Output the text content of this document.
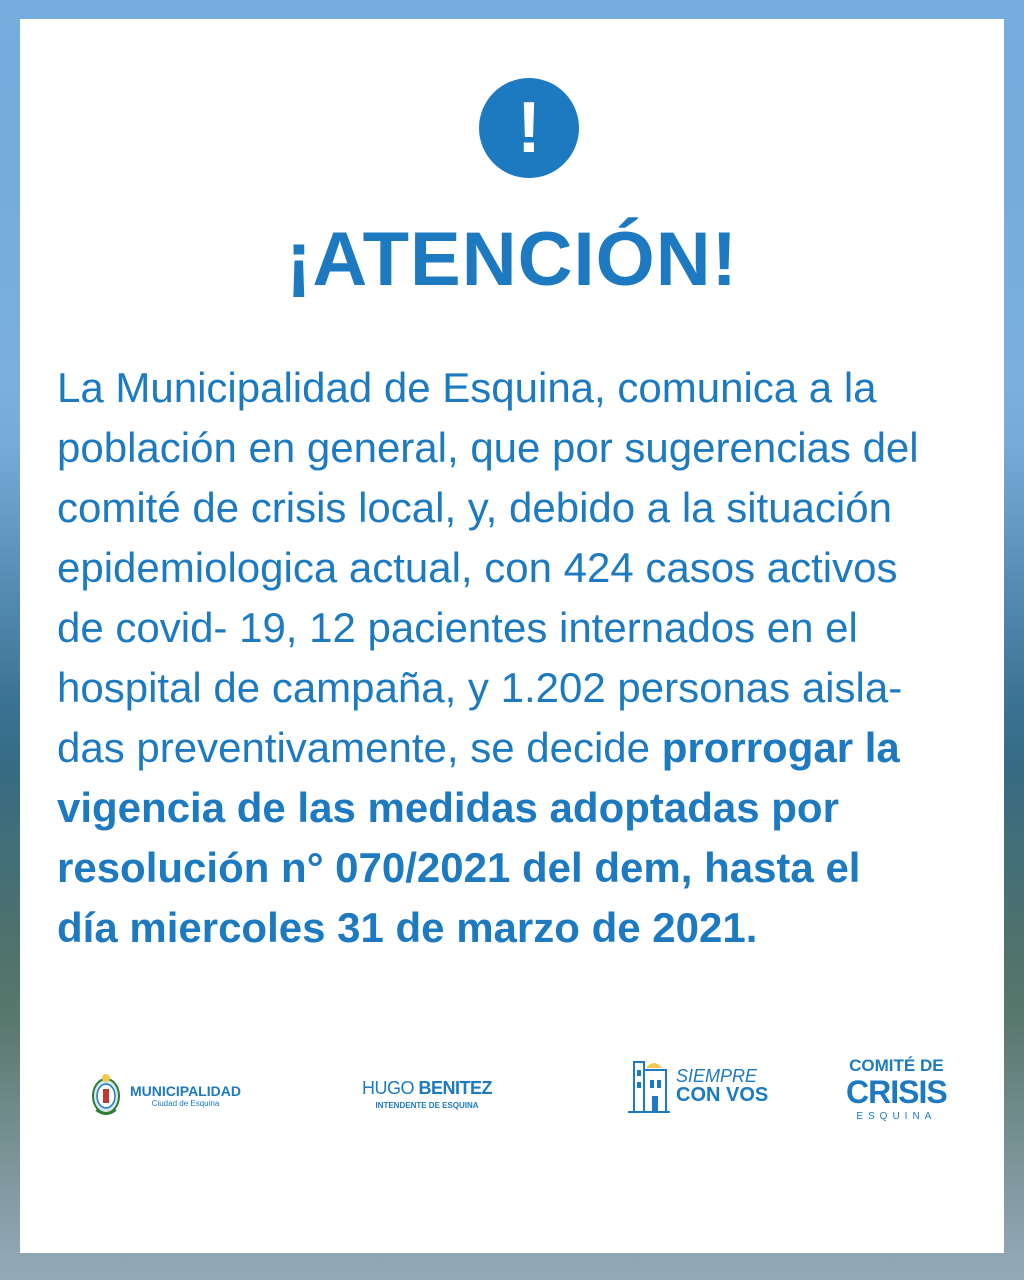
!
¡ATENCIÓN!
La Municipalidad de Esquina, comunica a la
población en general, que por sugerencias del
comité de crisis local, y, debido a la situación
epidemiologica actual, con 424 casos activos
de covid- 19, 12 pacientes internados en el
hospital de campaña, y 1.202 personas aisla-
das preventivamente, se decide prorrogar la
vigencia de las medidas adoptadas por
resolución n° 070/2021 del dem, hasta el
día miercoles 31 de marzo de 2021.
MUNICIPALIDAD
Ciudad de Esquina
HUGO BENITEZ
INTENDENTE DE ESQUINA
SIEMPRE
CON VOS
COMITÉ DE
CRISIS
ESQUINA
